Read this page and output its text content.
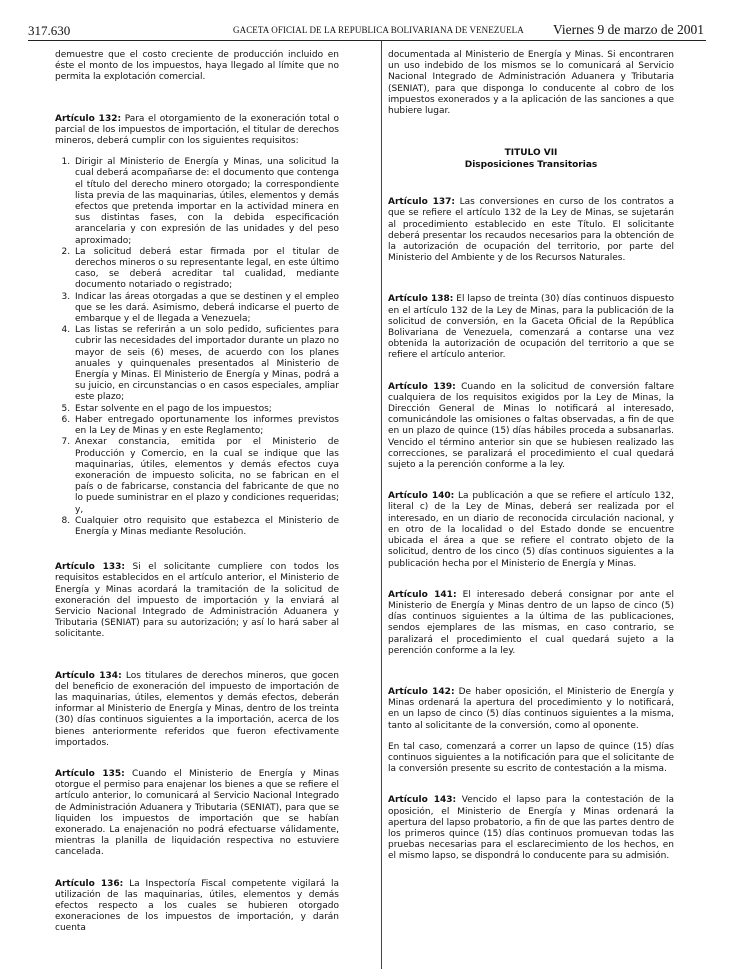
317.630	GACETA OFICIAL DE LA REPUBLICA BOLIVARIANA DE VENEZUELA Viernes 9 de marzo de 2001

demuestre que el costo creciente de producción incluido en éste el monto de los impuestos, haya llegado al límite que no permita la explotación comercial.

Artículo 132: Para el otorgamiento de la exoneración total o parcial de los impuestos de importación, el titular de derechos mineros, deberá cumplir con los siguientes requisitos:

1. Dirigir al Ministerio de Energía y Minas, una solicitud la cual deberá acompañarse de: el documento que contenga el título del derecho minero otorgado; la correspondiente lista previa de las maquinarias, útiles, elementos y demás efectos que pretenda importar en la actividad minera en sus distintas fases, con la debida especificación arancelaria y con expresión de las unidades y del peso aproximado;
2. La solicitud deberá estar firmada por el titular de derechos mineros o su representante legal, en este último caso, se deberá acreditar tal cualidad, mediante documento notariado o registrado;
3. Indicar las áreas otorgadas a que se destinen y el empleo que se les dará. Asimismo, deberá indicarse el puerto de embarque y el de llegada a Venezuela;
4. Las listas se referirán a un solo pedido, suficientes para cubrir las necesidades del importador durante un plazo no mayor de seis (6) meses, de acuerdo con los planes anuales y quinquenales presentados al Ministerio de Energía y Minas. El Ministerio de Energía y Minas, podrá a su juicio, en circunstancias o en casos especiales, ampliar este plazo;
5. Estar solvente en el pago de los impuestos;
6. Haber entregado oportunamente los informes previstos en la Ley de Minas y en este Reglamento;
7. Anexar constancia, emitida por el Ministerio de Producción y Comercio, en la cual se indique que las maquinarias, útiles, elementos y demás efectos cuya exoneración de impuesto solicita, no se fabrican en el país o de fabricarse, constancia del fabricante de que no lo puede suministrar en el plazo y condiciones requeridas; y,
8. Cualquier otro requisito que estabezca el Ministerio de Energía y Minas mediante Resolución.

Artículo 133: Si el solicitante cumpliere con todos los requisitos establecidos en el artículo anterior, el Ministerio de Energía y Minas acordará la tramitación de la solicitud de exoneración del impuesto de importación y la enviará al Servicio Nacional Integrado de Administración Aduanera y Tributaria (SENIAT) para su autorización; y así lo hará saber al solicitante.

Artículo 134: Los titulares de derechos mineros, que gocen del beneficio de exoneración del impuesto de importación de las maquinarias, útiles, elementos y demás efectos, deberán informar al Ministerio de Energía y Minas, dentro de los treinta (30) días continuos siguientes a la importación, acerca de los bienes anteriormente referidos que fueron efectivamente importados.

Artículo 135: Cuando el Ministerio de Energía y Minas otorgue el permiso para enajenar los bienes a que se refiere el artículo anterior, lo comunicará al Servicio Nacional Integrado de Administración Aduanera y Tributaria (SENIAT), para que se liquiden los impuestos de importación que se habían exonerado. La enajenación no podrá efectuarse válidamente, mientras la planilla de liquidación respectiva no estuviere cancelada.

Artículo 136: La Inspectoría Fiscal competente vigilará la utilización de las maquinarias, útiles, elementos y demás efectos respecto a los cuales se hubieren otorgado exoneraciones de los impuestos de importación, y darán cuenta

documentada al Ministerio de Energía y Minas. Si encontraren un uso indebido de los mismos se lo comunicará al Servicio Nacional Integrado de Administración Aduanera y Tributaria (SENIAT), para que disponga lo conducente al cobro de los impuestos exonerados y a la aplicación de las sanciones a que hubiere lugar.

TITULO VII
Disposiciones Transitorias

Artículo 137: Las conversiones en curso de los contratos a que se refiere el artículo 132 de la Ley de Minas, se sujetarán al procedimiento establecido en este Título. El solicitante deberá presentar los recaudos necesarios para la obtención de la autorización de ocupación del territorio, por parte del Ministerio del Ambiente y de los Recursos Naturales.

Artículo 138: El lapso de treinta (30) días continuos dispuesto en el artículo 132 de la Ley de Minas, para la publicación de la solicitud de conversión, en la Gaceta Oficial de la República Bolivariana de Venezuela, comenzará a contarse una vez obtenida la autorización de ocupación del territorio a que se refiere el artículo anterior.

Artículo 139: Cuando en la solicitud de conversión faltare cualquiera de los requisitos exigidos por la Ley de Minas, la Dirección General de Minas lo notificará al interesado, comunicándole las omisiones o faltas observadas, a fin de que en un plazo de quince (15) días hábiles proceda a subsanarlas. Vencido el término anterior sin que se hubiesen realizado las correcciones, se paralizará el procedimiento el cual quedará sujeto a la perención conforme a la ley.

Artículo 140: La publicación a que se refiere el artículo 132, literal c) de la Ley de Minas, deberá ser realizada por el interesado, en un diario de reconocida circulación nacional, y en otro de la localidad o del Estado donde se encuentre ubicada el área a que se refiere el contrato objeto de la solicitud, dentro de los cinco (5) días continuos siguientes a la publicación hecha por el Ministerio de Energía y Minas.

Artículo 141: El interesado deberá consignar por ante el Ministerio de Energía y Minas dentro de un lapso de cinco (5) días continuos siguientes a la última de las publicaciones, sendos ejemplares de las mismas, en caso contrario, se paralizará el procedimiento el cual quedará sujeto a la perención conforme a la ley.

Artículo 142: De haber oposición, el Ministerio de Energía y Minas ordenará la apertura del procedimiento y lo notificará, en un lapso de cinco (5) días continuos siguientes a la misma, tanto al solicitante de la conversión, como al oponente.

En tal caso, comenzará a correr un lapso de quince (15) días continuos siguientes a la notificación para que el solicitante de la conversión presente su escrito de contestación a la misma.

Artículo 143: Vencido el lapso para la contestación de la oposición, el Ministerio de Energía y Minas ordenará la apertura del lapso probatorio, a fin de que las partes dentro de los primeros quince (15) días continuos promuevan todas las pruebas necesarias para el esclarecimiento de los hechos, en el mismo lapso, se dispondrá lo conducente para su admisión.
